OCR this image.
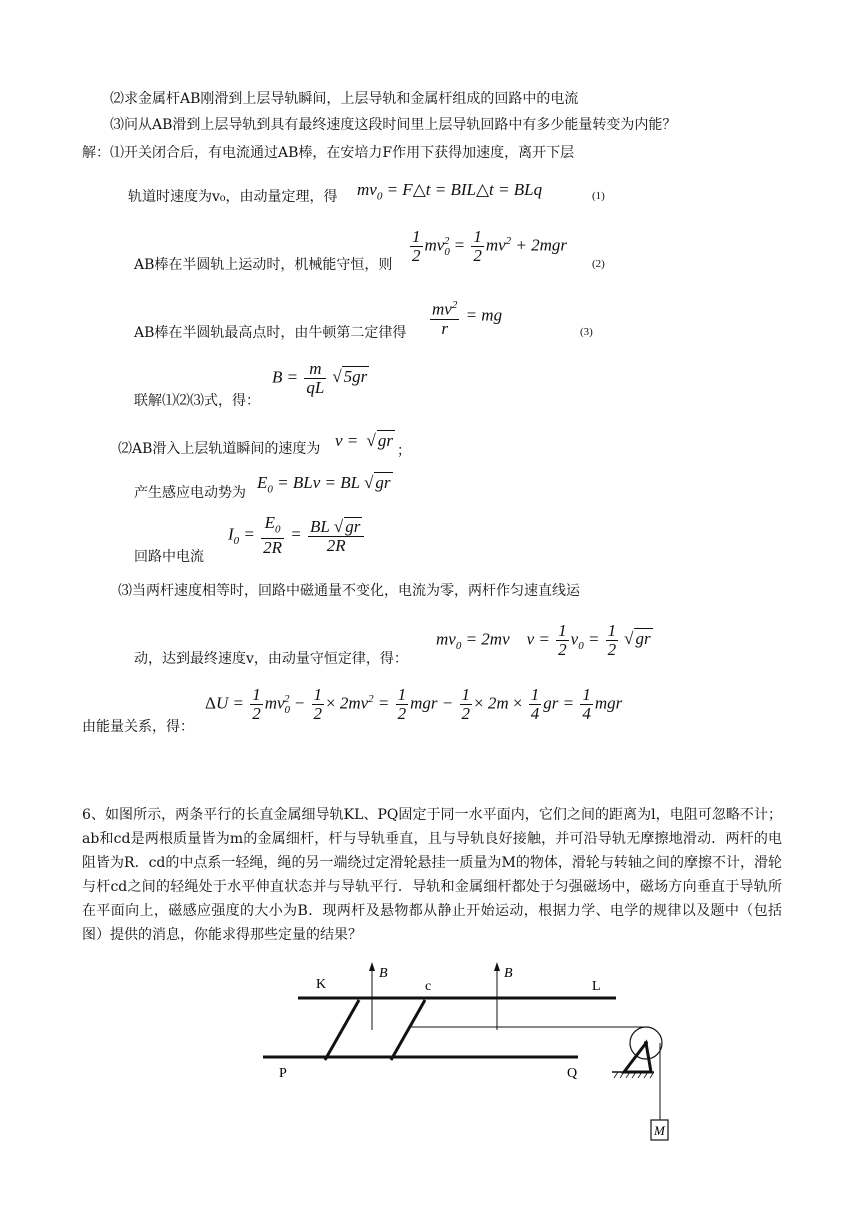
⑵求金属杆AB刚滑到上层导轨瞬间，上层导轨和金属杆组成的回路中的电流
⑶问从AB滑到上层导轨到具有最终速度这段时间里上层导轨回路中有多少能量转变为内能？
解：⑴开关闭合后，有电流通过AB棒，在安培力F作用下获得加速度，离开下层
轨道时速度为v₀，由动量定理，得 $mv_0$ = F△t = BIL△t = BLq	(1)
AB棒在半圆轨上运动时，机械能守恒，则 $\frac{1}{2} mv_0^2 = \frac{1}{2} mv^2 + 2mgr$
(2)
AB棒在半圆轨最高点时，由牛顿第二定律得 $\frac{mv^2}{r}$ = mg
(3)
联解⑴⑵⑶式，得：
$B = \frac{m}{qL}$ √ 5gr
⑵AB滑入上层轨道瞬间的速度为 v = √ gr
；
产生感应电动势为
$E_0$ = BLv = BL √ gr
回路中电流
$I_0 = \frac{E_0}{2R} = \frac{BL √ gr}{2R}$
⑶当两杆速度相等时，回路中磁通量不变化，电流为零，两杆作匀速直线运
动，达到最终速度v，由动量守恒定律，得：
$mv_0 = 2mv$    $v = \frac{1}{2} v_0 = \frac{1}{2}$ √ gr
由能量关系，得：
$\Delta U = \frac{1}{2} mv_0^2 - \frac{1}{2} \times 2mv^2 = \frac{1}{2}$ mgr − $\frac{1}{2} \times 2m \times \frac{1}{4}$ gr = $\frac{1}{4}$ mgr
6、如图所示，两条平行的长直金属细导轨KL、PQ固定于同一水平面内，它们之间的距离为l，电阻可忽略不计；ab和cd是两根质量皆为m的金属细杆，杆与导轨垂直，且与导轨良好接触，并可沿导轨无摩擦地滑动．两杆的电阻皆为R．cd的中点系一轻绳，绳的另一端绕过定滑轮悬挂一质量为M的物体，滑轮与转轴之间的摩擦不计，滑轮与杆cd之间的轻绳处于水平伸直状态并与导轨平行．导轨和金属细杆都处于匀强磁场中，磁场方向垂直于导轨所在平面向上，磁感应强度的大小为B．现两杆及悬物都从静止开始运动，根据力学、电学的规律以及题中（包括图）提供的消息，你能求得那些定量的结果？
K	L
P	Q
c
B	B
M
